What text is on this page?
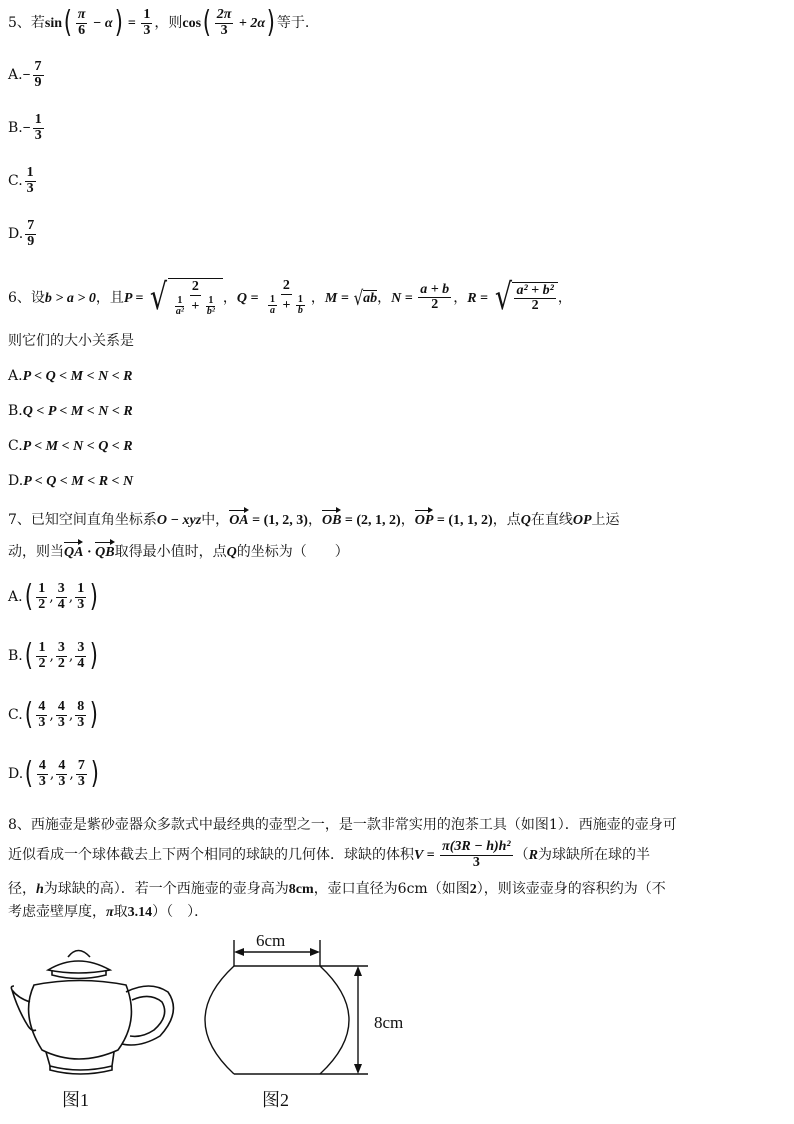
5、若$\sin( \frac{\pi}{6} - \alpha) = \frac{1}{3}$ ，则$\cos( \frac{2\pi}{3} + 2\alpha)$ 等于.
$A.- \frac{7}{9}$
$B.- \frac{1}{3}$
C. $\frac{1}{3}$
D. $\frac{7}{9}$
6、设b > a > 0，且P = √ $\frac{2}{\frac{1}{\text{a²}} + \frac{1}{\text{b²}}}$ ，$Q = \frac{2}{\frac{1}{a} + \frac{1}{b}}$ ，M = √ ab ，$N = \frac{a + b}{2}$ ，R = √ $\frac{\text{a² + b²}}{2}$ ，
则它们的大小关系是
A.P < Q < M < N < R
B.Q < P < M < N < R
C.P < M < N < Q < R
D.P < Q < M < R < N
7、已知空间直角坐标系O − xyz中，OA = (1, 2, 3)，OB = (2, 1, 2)，OP = (1, 1, 2)，点Q在直线OP上运
动，则当QA · QB取得最小值时，点Q的坐标为（　　）
$A.( \frac{1}{2}$ , $\frac{3}{4}$ , $\frac{1}{3}$ )
$B.( \frac{1}{2}$ , $\frac{3}{2}$ , $\frac{3}{4}$ )
$C.( \frac{4}{3}$ , $\frac{4}{3}$ , $\frac{8}{3}$ )
$D.( \frac{4}{3}$ , $\frac{4}{3}$ , $\frac{7}{3}$ )
8、西施壶是紫砂壶器众多款式中最经典的壶型之一，是一款非常实用的泡茶工具（如图1）．西施壶的壶身可
近似看成一个球体截去上下两个相同的球缺的几何体．球缺的体积$V = \frac{\text{π(3R − h)h²}}{3} (R$为球缺所在球的半
径，h为球缺的高）．若一个西施壶的壶身高为8cm，壶口直径为6cm（如图2），则该壶壶身的容积约为（不
考虑壶壁厚度，π取3.14）（　）．
图1
6cm
8cm
图2
